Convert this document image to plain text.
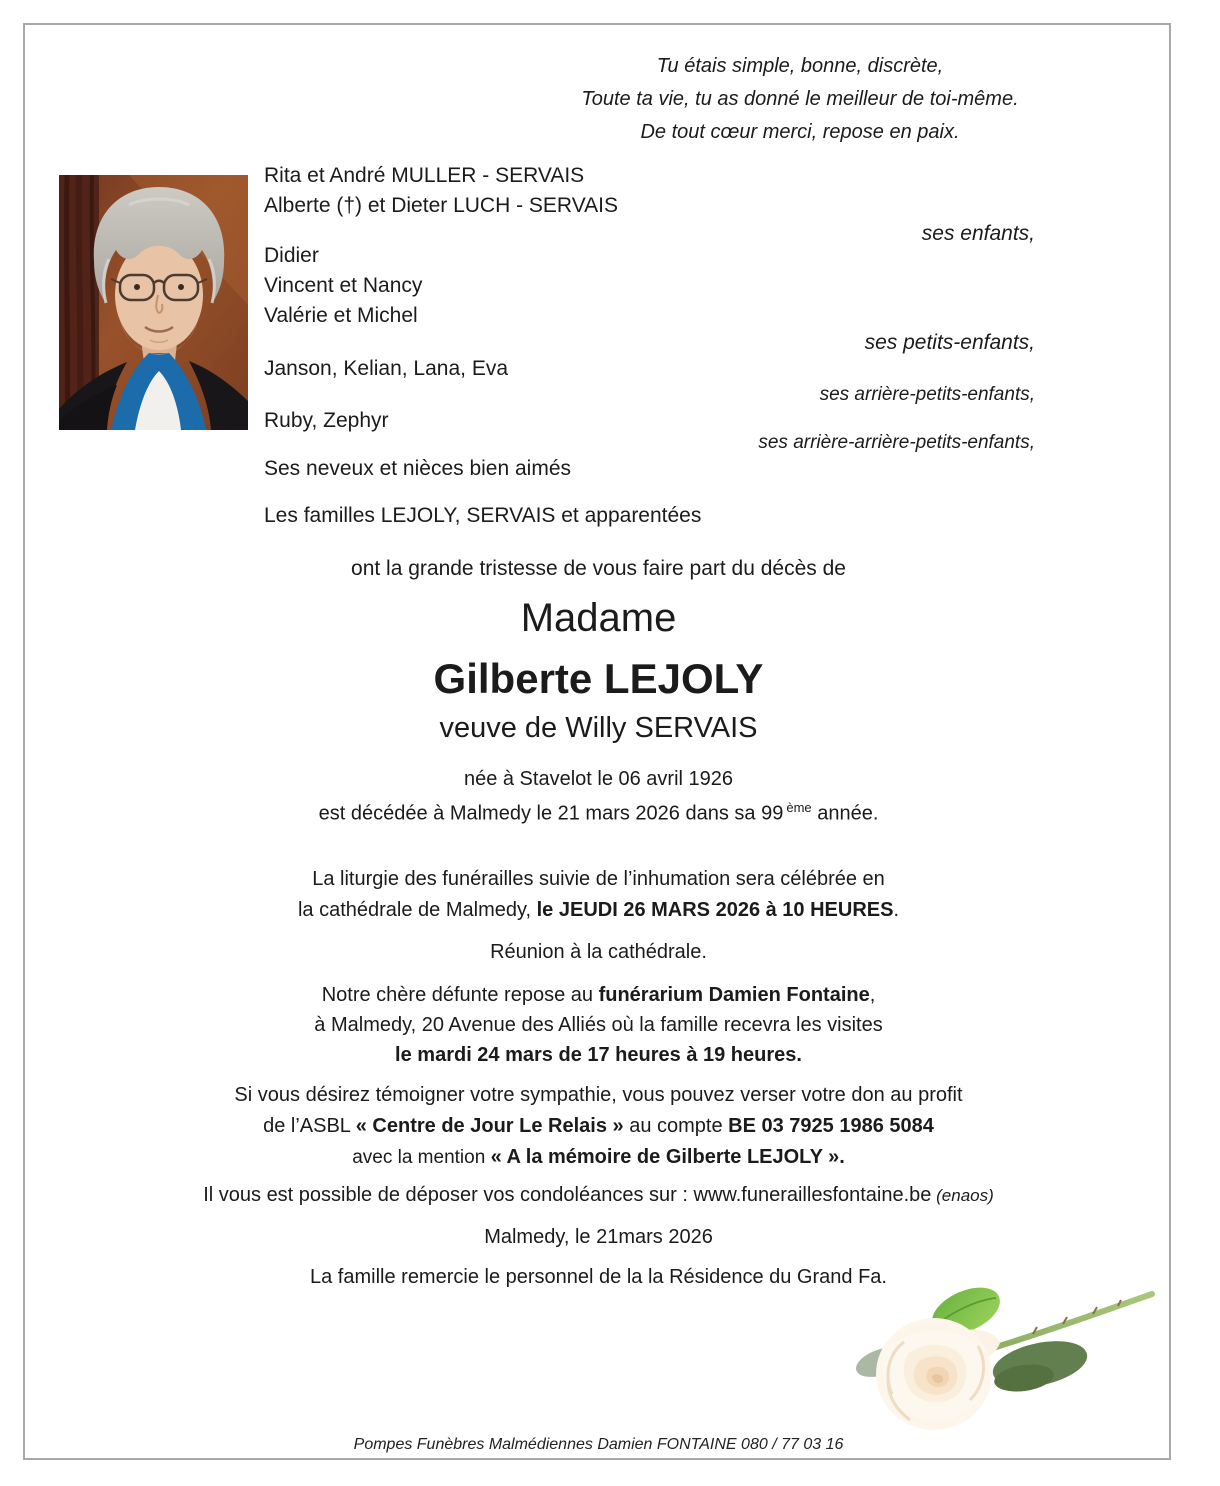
Tu étais simple, bonne, discrète,
Toute ta vie, tu as donné le meilleur de toi-même.
De tout cœur merci, repose en paix.
Rita et André MULLER - SERVAIS
Alberte (†) et Dieter LUCH - SERVAIS
ses enfants,
Didier
Vincent et Nancy
Valérie et Michel
ses petits-enfants,
Janson, Kelian, Lana, Eva
ses arrière-petits-enfants,
Ruby, Zephyr
ses arrière-arrière-petits-enfants,
Ses neveux et nièces bien aimés
Les familles LEJOLY, SERVAIS et apparentées
ont la grande tristesse de vous faire part du décès de
Madame
Gilberte LEJOLY
veuve de Willy SERVAIS
née à Stavelot le 06 avril 1926
est décédée à Malmedy le 21 mars 2026 dans sa 99 $^{ème}$ année.
La liturgie des funérailles suivie de l’inhumation sera célébrée en
la cathédrale de Malmedy, le JEUDI 26 MARS 2026 à 10 HEURES.
Réunion à la cathédrale.
Notre chère défunte repose au funérarium Damien Fontaine,
à Malmedy, 20 Avenue des Alliés où la famille recevra les visites
le mardi 24 mars de 17 heures à 19 heures.
Si vous désirez témoigner votre sympathie, vous pouvez verser votre don au profit
de l’ASBL « Centre de Jour Le Relais » au compte BE 03 7925 1986 5084
avec la mention « A la mémoire de Gilberte LEJOLY ».
Il vous est possible de déposer vos condoléances sur : www.funeraillesfontaine.be (enaos)
Malmedy, le 21mars 2026
La famille remercie le personnel de la la Résidence du Grand Fa.
Pompes Funèbres Malmédiennes Damien FONTAINE 080 / 77 03 16
